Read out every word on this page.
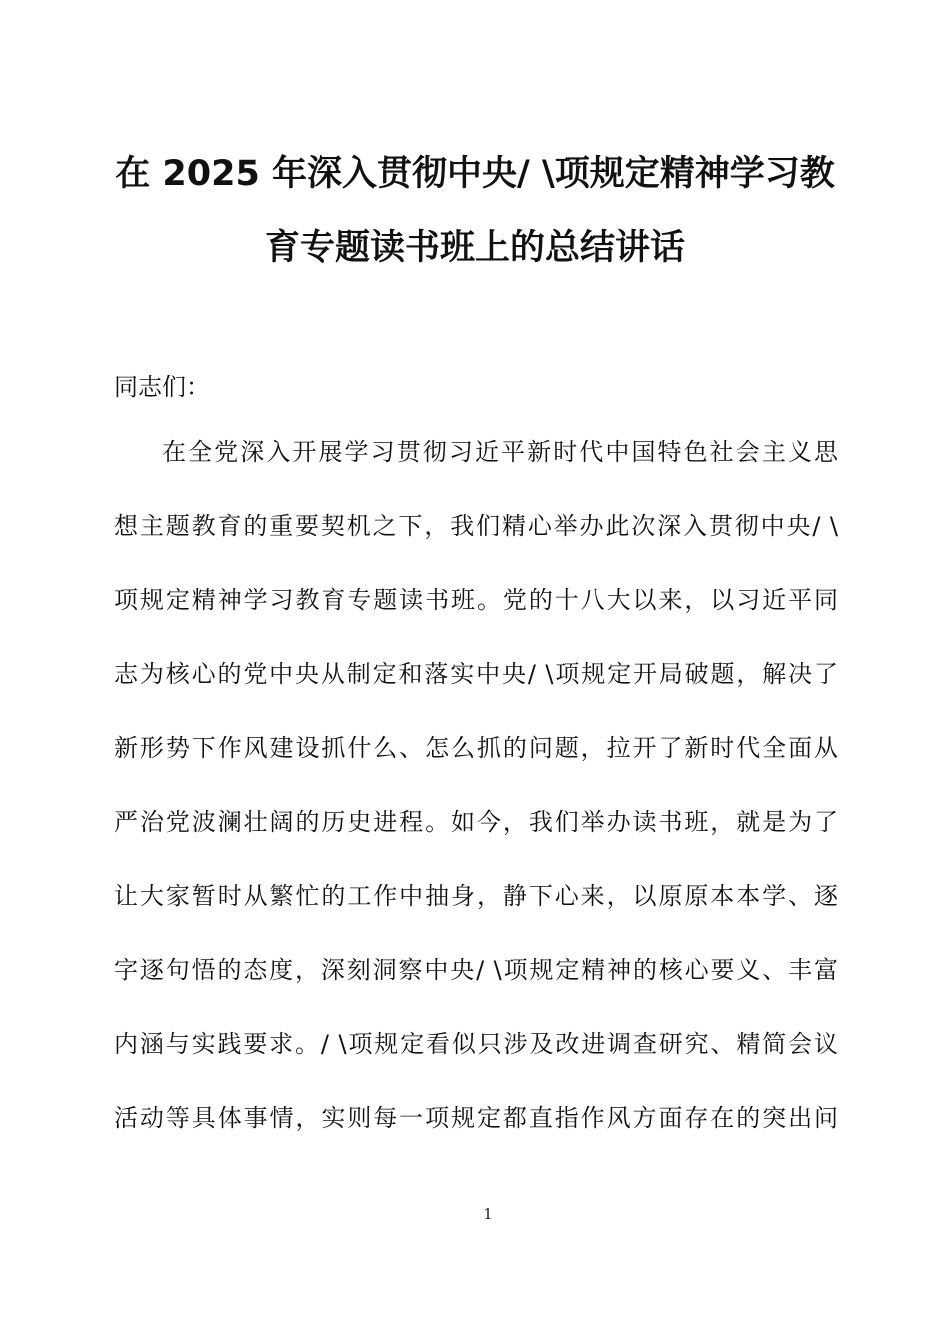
在 2025 年深入贯彻中央/ \项规定精神学习教
育专题读书班上的总结讲话
同志们：
在全党深入开展学习贯彻习近平新时代中国特色社会主义思
想主题教育的重要契机之下，我们精心举办此次深入贯彻中央/ \
项规定精神学习教育专题读书班。党的十八大以来，以习近平同
志为核心的党中央从制定和落实中央/ \项规定开局破题，解决了
新形势下作风建设抓什么、怎么抓的问题，拉开了新时代全面从
严治党波澜壮阔的历史进程。如今，我们举办读书班，就是为了
让大家暂时从繁忙的工作中抽身，静下心来，以原原本本学、逐
字逐句悟的态度，深刻洞察中央/ \项规定精神的核心要义、丰富
内涵与实践要求。/ \项规定看似只涉及改进调查研究、精简会议
活动等具体事情，实则每一项规定都直指作风方面存在的突出问
1
